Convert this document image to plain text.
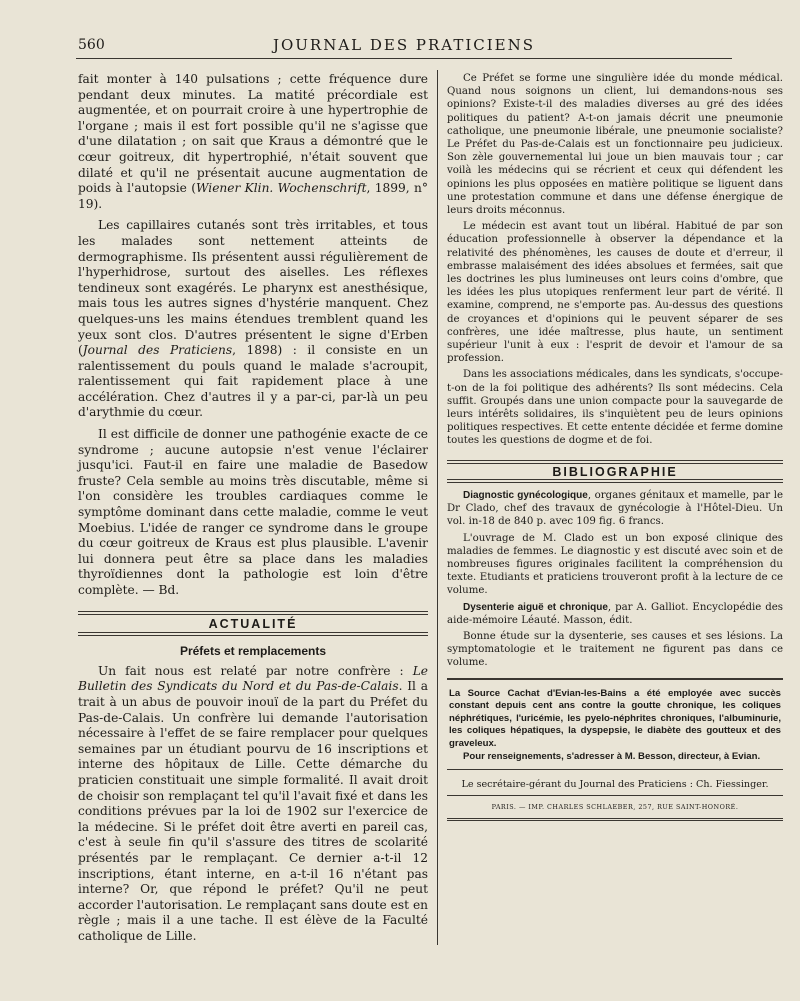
560	JOURNAL DES PRATICIENS

fait monter à 140 pulsations ; cette fréquence dure pendant deux minutes. La matité précordiale est augmentée, et on pourrait croire à une hypertrophie de l'organe ; mais il est fort possible qu'il ne s'agisse que d'une dilatation ; on sait que Kraus a démontré que le cœur goitreux, dit hypertrophié, n'était souvent que dilaté et qu'il ne présentait aucune augmentation de poids à l'autopsie (Wiener Klin. Wochenschrift, 1899, n° 19).

Les capillaires cutanés sont très irritables, et tous les malades sont nettement atteints de dermographisme. Ils présentent aussi régulièrement de l'hyperhidrose, surtout des aiselles. Les réflexes tendineux sont exagérés. Le pharynx est anesthésique, mais tous les autres signes d'hystérie manquent. Chez quelques-uns les mains étendues tremblent quand les yeux sont clos. D'autres présentent le signe d'Erben (Journal des Praticiens, 1898) : il consiste en un ralentissement du pouls quand le malade s'acroupit, ralentissement qui fait rapidement place à une accélération. Chez d'autres il y a par-ci, par-là un peu d'arythmie du cœur.

Il est difficile de donner une pathogénie exacte de ce syndrome ; aucune autopsie n'est venue l'éclairer jusqu'ici. Faut-il en faire une maladie de Basedow fruste? Cela semble au moins très discutable, même si l'on considère les troubles cardiaques comme le symptôme dominant dans cette maladie, comme le veut Moebius. L'idée de ranger ce syndrome dans le groupe du cœur goitreux de Kraus est plus plausible. L'avenir lui donnera peut être sa place dans les maladies thyroïdiennes dont la pathologie est loin d'être complète. — Bd.

ACTUALITÉ
Préfets et remplacements

Un fait nous est relaté par notre confrère : Le Bulletin des Syndicats du Nord et du Pas-de-Calais. Il a trait à un abus de pouvoir inouï de la part du Préfet du Pas-de-Calais. Un confrère lui demande l'autorisation nécessaire à l'effet de se faire remplacer pour quelques semaines par un étudiant pourvu de 16 inscriptions et interne des hôpitaux de Lille. Cette démarche du praticien constituait une simple formalité. Il avait droit de choisir son remplaçant tel qu'il l'avait fixé et dans les conditions prévues par la loi de 1902 sur l'exercice de la médecine. Si le préfet doit être averti en pareil cas, c'est à seule fin qu'il s'assure des titres de scolarité présentés par le remplaçant. Ce dernier a-t-il 12 inscriptions, étant interne, en a-t-il 16 n'étant pas interne? Or, que répond le préfet? Qu'il ne peut accorder l'autorisation. Le remplaçant sans doute est en règle ; mais il a une tache. Il est élève de la Faculté catholique de Lille.

Ce Préfet se forme une singulière idée du monde médical. Quand nous soignons un client, lui demandons-nous ses opinions? Existe-t-il des maladies diverses au gré des idées politiques du patient? A-t-on jamais décrit une pneumonie catholique, une pneumonie libérale, une pneumonie socialiste? Le Préfet du Pas-de-Calais est un fonctionnaire peu judicieux. Son zèle gouvernemental lui joue un bien mauvais tour ; car voilà les médecins qui se récrient et ceux qui défendent les opinions les plus opposées en matière politique se liguent dans une protestation commune et dans une défense énergique de leurs droits méconnus.

Le médecin est avant tout un libéral. Habitué de par son éducation professionnelle à observer la dépendance et la relativité des phénomènes, les causes de doute et d'erreur, il embrasse malaisément des idées absolues et fermées, sait que les doctrines les plus lumineuses ont leurs coins d'ombre, que les idées les plus utopiques renferment leur part de vérité. Il examine, comprend, ne s'emporte pas. Au-dessus des questions de croyances et d'opinions qui le peuvent séparer de ses confrères, une idée maîtresse, plus haute, un sentiment supérieur l'unit à eux : l'esprit de devoir et l'amour de sa profession.

Dans les associations médicales, dans les syndicats, s'occupe-t-on de la foi politique des adhérents? Ils sont médecins. Cela suffit. Groupés dans une union compacte pour la sauvegarde de leurs intérêts solidaires, ils s'inquiètent peu de leurs opinions politiques respectives. Et cette entente décidée et ferme domine toutes les questions de dogme et de foi.

BIBLIOGRAPHIE

Diagnostic gynécologique, organes génitaux et mamelle, par le Dr Clado, chef des travaux de gynécologie à l'Hôtel-Dieu. Un vol. in-18 de 840 p. avec 109 fig. 6 francs.

L'ouvrage de M. Clado est un bon exposé clinique des maladies de femmes. Le diagnostic y est discuté avec soin et de nombreuses figures originales facilitent la compréhension du texte. Etudiants et praticiens trouveront profit à la lecture de ce volume.

Dysenterie aiguë et chronique, par A. Galliot. Encyclopédie des aide-mémoire Léauté. Masson, édit.

Bonne étude sur la dysenterie, ses causes et ses lésions. La symptomatologie et le traitement ne figurent pas dans ce volume.

La Source Cachat d'Evian-les-Bains a été employée avec succès constant depuis cent ans contre la goutte chronique, les coliques néphrétiques, l'uricémie, les pyelo-néphrites chroniques, l'albuminurie, les coliques hépatiques, la dyspepsie, le diabète des goutteux et des graveleux.

Pour renseignements, s'adresser à M. Besson, directeur, à Evian.

Le secrétaire-gérant du Journal des Praticiens : Ch. Fiessinger.
PARIS. — IMP. CHARLES SCHLAEBER, 257, RUE SAINT-HONORÉ.
